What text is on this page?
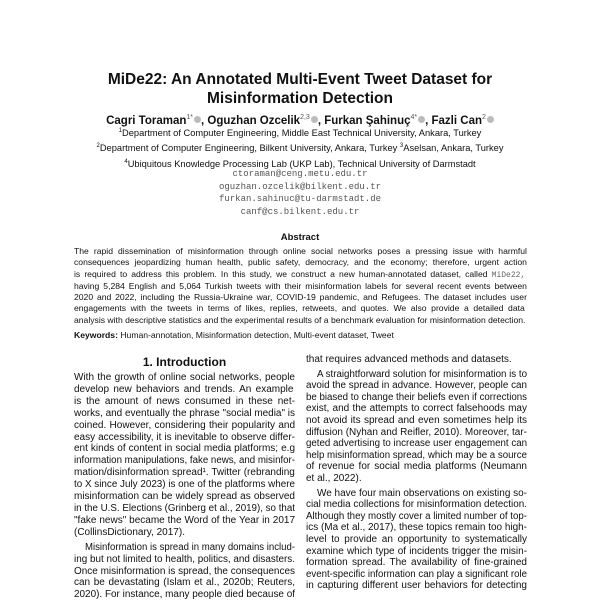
MiDe22: An Annotated Multi-Event Tweet Dataset for
Misinformation Detection
Cagri Toraman$^{1*}$ , Oguzhan Ozcelik$^{2,3}$ , Furkan Şahinuç$^{4*}$ , Fazli Can$^2$
$^1$Department of Computer Engineering, Middle East Technical University, Ankara, Turkey
$^2$Department of Computer Engineering, Bilkent University, Ankara, Turkey $^3$Aselsan, Ankara, Turkey
$^4$Ubiquitous Knowledge Processing Lab (UKP Lab), Technical University of Darmstadt
ctoraman@ceng.metu.edu.tr
oguzhan.ozcelik@bilkent.edu.tr
furkan.sahinuc@tu-darmstadt.de
canf@cs.bilkent.edu.tr
Abstract
The rapid dissemination of misinformation through online social networks poses a pressing issue with harmful
consequences jeopardizing human health, public safety, democracy, and the economy; therefore, urgent action
is required to address this problem. In this study, we construct a new human-annotated dataset, called MiDe22,
having 5,284 English and 5,064 Turkish tweets with their misinformation labels for several recent events between
2020 and 2022, including the Russia-Ukraine war, COVID-19 pandemic, and Refugees. The dataset includes user
engagements with the tweets in terms of likes, replies, retweets, and quotes. We also provide a detailed data
analysis with descriptive statistics and the experimental results of a benchmark evaluation for misinformation detection.
Keywords: Human-annotation, Misinformation detection, Multi-event dataset, Tweet
1. Introduction
With the growth of online social networks, people
develop new behaviors and trends. An example
is the amount of news consumed in these net-
works, and eventually the phrase "social media" is
coined. However, considering their popularity and
easy accessibility, it is inevitable to observe differ-
ent kinds of content in social media platforms; e.g
information manipulations, fake news, and misinfor-
mation/disinformation spread¹. Twitter (rebranding
to X since July 2023) is one of the platforms where
misinformation can be widely spread as observed
in the U.S. Elections (Grinberg et al., 2019), so that
"fake news" became the Word of the Year in 2017
(CollinsDictionary, 2017).
Misinformation is spread in many domains includ-
ing but not limited to health, politics, and disasters.
Once misinformation is spread, the consequences
can be devastating (Islam et al., 2020b; Reuters,
2020). For instance, many people died because of
that requires advanced methods and datasets.
A straightforward solution for misinformation is to
avoid the spread in advance. However, people can
be biased to change their beliefs even if corrections
exist, and the attempts to correct falsehoods may
not avoid its spread and even sometimes help its
diffusion (Nyhan and Reifler, 2010). Moreover, tar-
geted advertising to increase user engagement can
help misinformation spread, which may be a source
of revenue for social media platforms (Neumann
et al., 2022).
We have four main observations on existing so-
cial media collections for misinformation detection.
Although they mostly cover a limited number of top-
ics (Ma et al., 2017), these topics remain too high-
level to provide an opportunity to systematically
examine which type of incidents trigger the misin-
formation spread. The availability of fine-grained
event-specific information can play a significant role
in capturing different user behaviors for detecting
